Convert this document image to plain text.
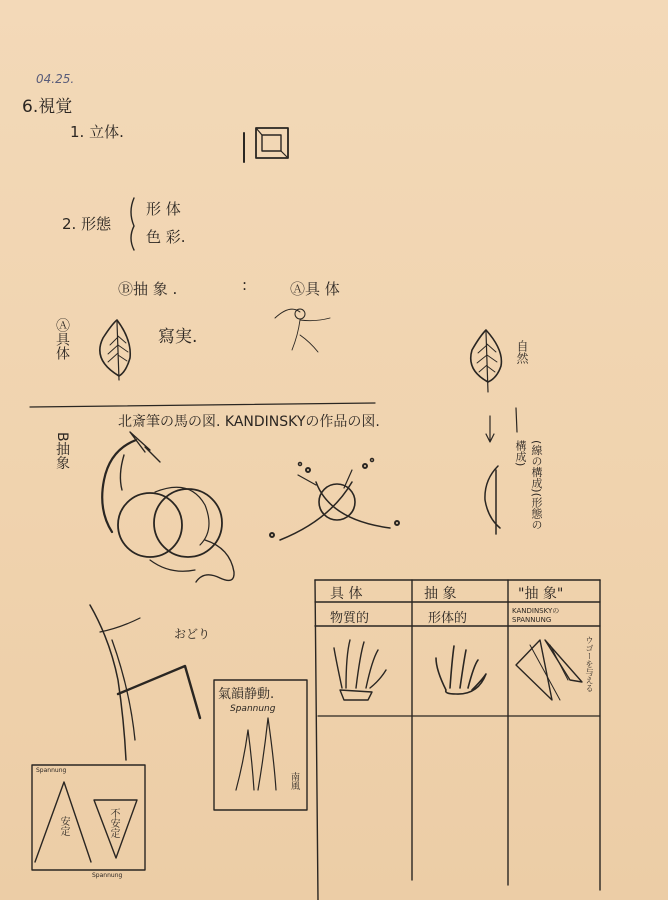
04.25.
6.視覚
1. 立体.
2. 形態
形 体
色 彩.
Ⓑ抽 象 .	:	Ⓐ具 体
Ⓐ具体	寫実.
自然
(線の構成)(形態の構成)
B抽象
北斎筆の馬の図. KANDINSKYの作品の図.
おどり
氣韻静動.
Spannung
南風
Spannung
安定	不安定
Spannung
具 体	抽 象	"抽 象"
物質的	形体的	KANDINSKYのSPANNUNG
ウゴーを与える
